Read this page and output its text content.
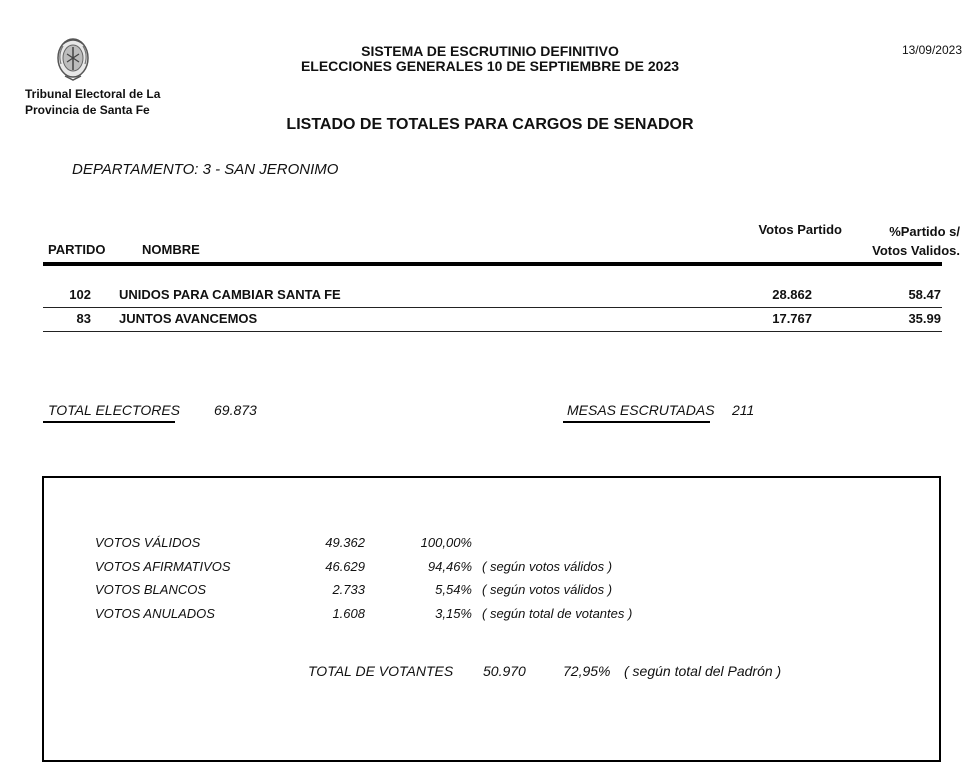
Tribunal Electoral de La
Provincia de Santa Fe
SISTEMA DE ESCRUTINIO DEFINITIVO
ELECCIONES GENERALES 10 DE SEPTIEMBRE DE 2023
13/09/2023
LISTADO DE TOTALES PARA CARGOS DE SENADOR
DEPARTAMENTO: 3 - SAN JERONIMO
PARTIDO	NOMBRE
Votos Partido	%Partido s/
Votos Validos.
102 UNIDOS PARA CAMBIAR SANTA FE	28.862	58.47
83 JUNTOS AVANCEMOS	17.767	35.99
TOTAL ELECTORES 69.873	MESAS ESCRUTADAS 211
VOTOS VÁLIDOS	49.362	100,00%
VOTOS AFIRMATIVOS	46.629	94,46% ( según votos válidos )
VOTOS BLANCOS	2.733	5,54% ( según votos válidos )
VOTOS ANULADOS	1.608	3,15% ( según total de votantes )
TOTAL DE VOTANTES 50.970	72,95% ( según total del Padrón )
